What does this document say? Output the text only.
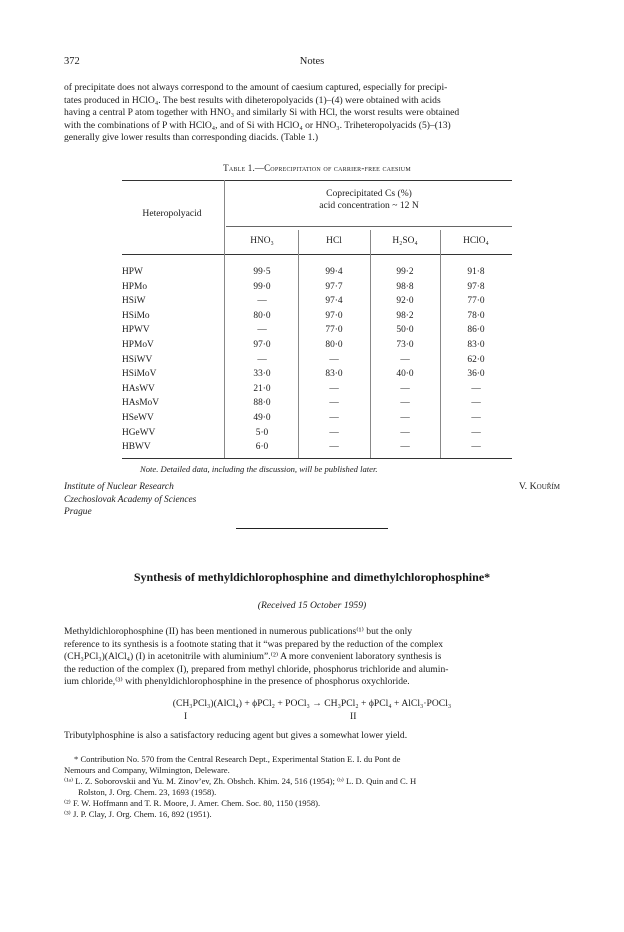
372	Notes
of precipitate does not always correspond to the amount of caesium captured, especially for precipi-
tates produced in HClO₄. The best results with diheteropolyacids (1)–(4) were obtained with acids
having a central P atom together with HNO₃ and similarly Si with HCl, the worst results were obtained
with the combinations of P with HClO₄, and of Si with HClO₄ or HNO₃. Triheteropolyacids (5)–(13)
generally give lower results than corresponding diacids. (Table 1.)
Table 1.—Coprecipitation of carrier-free caesium
Heteropolyacid
Coprecipitated Cs (%)
acid concentration ~ 12 N
HNO₃	HCl	H₂SO₄	HClO₄
HPW	99·5	99·4	99·2	91·8
HPMo	99·0	97·7	98·8	97·8
HSiW	—	97·4	92·0	77·0
HSiMo	80·0	97·0	98·2	78·0
HPWV	—	77·0	50·0	86·0
HPMoV	97·0	80·0	73·0	83·0
HSiWV	—	—	—	62·0
HSiMoV	33·0	83·0	40·0	36·0
HAsWV	21·0	—	—	—
HAsMoV	88·0	—	—	—
HSeWV	49·0	—	—	—
HGeWV	5·0	—	—	—
HBWV	6·0	—	—	—
Note. Detailed data, including the discussion, will be published later.
Institute of Nuclear Research
Czechoslovak Academy of Sciences
Prague
V. Kouřím
Synthesis of methyldichlorophosphine and dimethylchlorophosphine*
(Received 15 October 1959)
Methyldichlorophosphine (II) has been mentioned in numerous publications⁽¹⁾ but the only
reference to its synthesis is a footnote stating that it “was prepared by the reduction of the complex
(CH₃PCl₃)(AlCl₄) (I) in acetonitrile with aluminium”.⁽²⁾ A more convenient laboratory synthesis is
the reduction of the complex (I), prepared from methyl chloride, phosphorus trichloride and alumin-
ium chloride,⁽³⁾ with phenyldichlorophosphine in the presence of phosphorus oxychloride.
(CH₃PCl₃)(AlCl₄) + ϕPCl₂ + POCl₃ → CH₃PCl₂ + ϕPCl₄ + AlCl₃·POCl₃
I	II
Tributylphosphine is also a satisfactory reducing agent but gives a somewhat lower yield.
* Contribution No. 570 from the Central Research Dept., Experimental Station E. I. du Pont de
Nemours and Company, Wilmington, Deleware.
⁽¹ᵃ⁾ L. Z. Soborovskii and Yu. M. Zinov’ev, Zh. Obshch. Khim. 24, 516 (1954); ⁽ᵇ⁾ L. D. Quin and C. H
Rolston, J. Org. Chem. 23, 1693 (1958).
⁽²⁾ F. W. Hoffmann and T. R. Moore, J. Amer. Chem. Soc. 80, 1150 (1958).
⁽³⁾ J. P. Clay, J. Org. Chem. 16, 892 (1951).
